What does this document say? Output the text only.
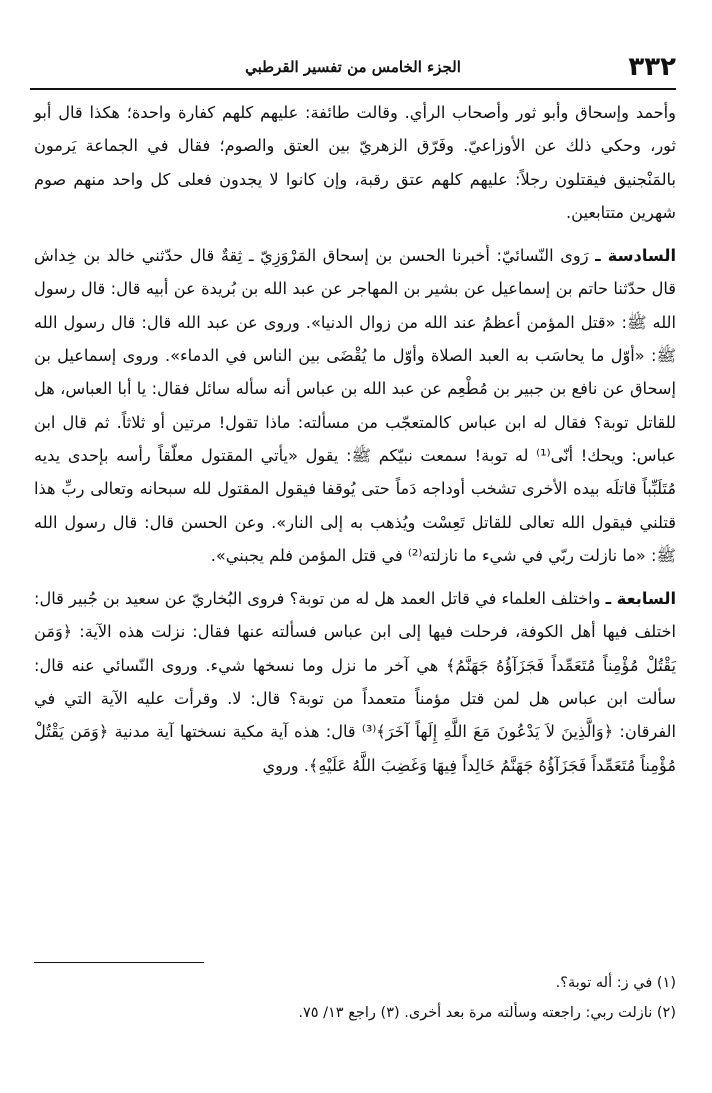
٣٣٢
الجزء الخامس من تفسير القرطبي

وأحمد وإسحاق وأبو ثور وأصحاب الرأي. وقالت طائفة: عليهم كلهم كفارة واحدة؛ هكذا قال أبو ثور، وحكي ذلك عن الأوزاعيّ. وفَرّق الزهريّ بين العتق والصوم؛ فقال في الجماعة يَرمون بالمَنْجنيق فيقتلون رجلاً: عليهم كلهم عتق رقبة، وإن كانوا لا يجدون فعلى كل واحد منهم صوم شهرين متتابعين.

السادسة ـ رَوى النّسائيّ: أخبرنا الحسن بن إسحاق المَرْوَزِيّ ـ ثِقةٌ قال حدّثني خالد بن خِداش قال حدّثنا حاتم بن إسماعيل عن بشير بن المهاجر عن عبد الله بن بُريدة عن أبيه قال: قال رسول الله ﷺ: «قتل المؤمن أعظمُ عند الله من زوال الدنيا». وروى عن عبد الله قال: قال رسول الله ﷺ: «أوّل ما يحاسَب به العبد الصلاة وأوّل ما يُقْضَى بين الناس في الدماء». وروى إسماعيل بن إسحاق عن نافع بن جبير بن مُطْعِم عن عبد الله بن عباس أنه سأله سائل فقال: يا أبا العباس، هل للقاتل توبة؟ فقال له ابن عباس كالمتعجّب من مسألته: ماذا تقول! مرتين أو ثلاثاً. ثم قال ابن عباس: ويحك! أنّى⁽¹⁾ له توبة! سمعت نبيّكم ﷺ: يقول «يأتي المقتول معلّقاً رأسه بإحدى يديه مُتَلَبِّباً قاتلَه بيده الأخرى تشخب أوداجه دَماً حتى يُوقفا فيقول المقتول لله سبحانه وتعالى ربِّ هذا قتلني فيقول الله تعالى للقاتل تَعِسْت ويُذهب به إلى النار». وعن الحسن قال: قال رسول الله ﷺ: «ما نازلت ربّي في شيء ما نازلته⁽²⁾ في قتل المؤمن فلم يجبني».

السابعة ـ واختلف العلماء في قاتل العمد هل له من توبة؟ فروى البُخاريّ عن سعيد بن جُبير قال: اختلف فيها أهل الكوفة، فرحلت فيها إلى ابن عباس فسألته عنها فقال: نزلت هذه الآية: ﴿وَمَن يَقْتُلْ مُؤْمِناً مُتَعَمِّداً فَجَزَآؤُهُ جَهَنَّمُ﴾ هي آخر ما نزل وما نسخها شيء. وروى النّسائي عنه قال: سألت ابن عباس هل لمن قتل مؤمناً متعمداً من توبة؟ قال: لا. وقرأت عليه الآية التي في الفرقان: ﴿وَالَّذِينَ لاَ يَدْعُونَ مَعَ اللَّهِ إِلَهاً آخَرَ﴾⁽³⁾ قال: هذه آية مكية نسختها آية مدنية ﴿وَمَن يَقْتُلْ مُؤْمِناً مُتَعَمِّداً فَجَزَآؤُهُ جَهَنَّمُ خَالِداً فِيهَا وَغَضِبَ اللَّهُ عَلَيْهِ﴾. وروي

(١) في ز: أله توبة؟.
(٢) نازلت ربي: راجعته وسألته مرة بعد أخرى. (٣) راجع ١٣/ ٧٥.
